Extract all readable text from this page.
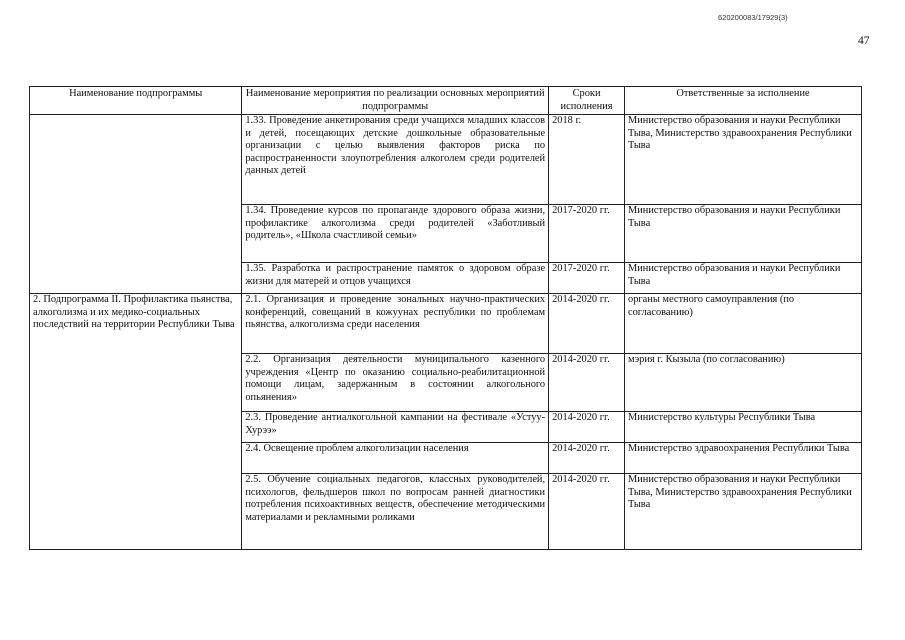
620200083/17929(3)
47
Наименование подпрограммы	Наименование мероприятия по реализации основных мероприятий подпрограммы	Сроки исполнения	Ответственные за исполнение
	1.33. Проведение анкетирования среди учащихся младших классов и детей, посещающих детские дошкольные образовательные организации с целью выявления факторов риска по распространенности злоупотребления алкоголем среди родителей данных детей	2018 г.	Министерство образования и науки Республики Тыва, Министерство здравоохранения Республики Тыва
	1.34. Проведение курсов по пропаганде здорового образа жизни, профилактике алкоголизма среди родителей «Заботливый родитель», «Школа счастливой семьи»	2017-2020 гг.	Министерство образования и науки Республики Тыва
	1.35. Разработка и распространение памяток о здоровом образе жизни для матерей и отцов учащихся	2017-2020 гг.	Министерство образования и науки Республики Тыва
2. Подпрограмма II. Профилактика пьянства, алкоголизма и их медико-социальных последствий на территории Республики Тыва	2.1. Организация и проведение зональных научно-практических конференций, совещаний в кожуунах республики по проблемам пьянства, алкоголизма среди населения	2014-2020 гг.	органы местного самоуправления (по согласованию)
	2.2. Организация деятельности муниципального казенного учреждения «Центр по оказанию социально-реабилитационной помощи лицам, задержанным в состоянии алкогольного опьянения»	2014-2020 гг.	мэрия г. Кызыла (по согласованию)
	2.3. Проведение антиалкогольной кампании на фестивале «Устуу-Хурээ»	2014-2020 гг.	Министерство культуры Республики Тыва
	2.4. Освещение проблем алкоголизации населения	2014-2020 гг.	Министерство здравоохранения Республики Тыва
	2.5. Обучение социальных педагогов, классных руководителей, психологов, фельдшеров школ по вопросам ранней диагностики потребления психоактивных веществ, обеспечение методическими материалами и рекламными роликами	2014-2020 гг.	Министерство образования и науки Республики Тыва, Министерство здравоохранения Республики Тыва
